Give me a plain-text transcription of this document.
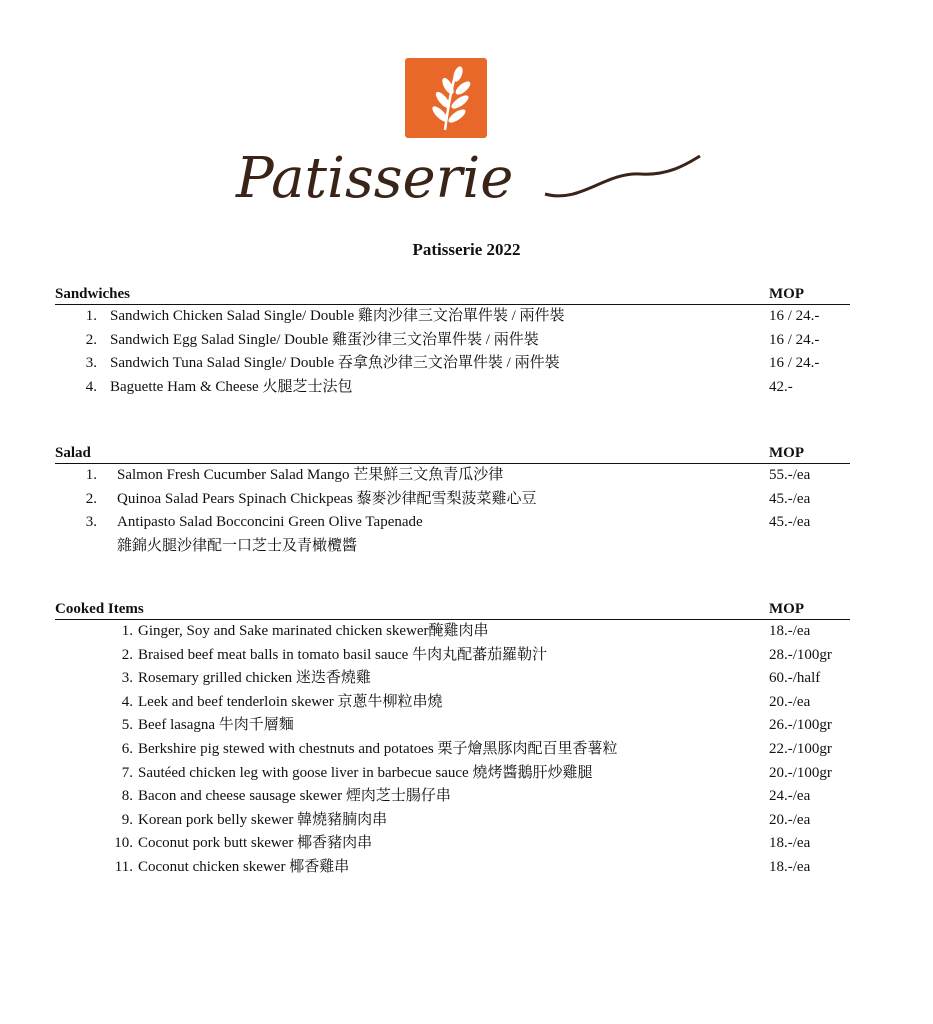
Patisserie
Patisserie 2022
Sandwiches	MOP
1. Sandwich Chicken Salad Single/ Double 雞肉沙律三文治單件裝 / 兩件裝	16 / 24.-
2. Sandwich Egg Salad Single/ Double 雞蛋沙律三文治單件裝 / 兩件裝	16 / 24.-
3. Sandwich Tuna Salad Single/ Double 吞拿魚沙律三文治單件裝 / 兩件裝	16 / 24.-
4. Baguette Ham & Cheese 火腿芝士法包	42.-
Salad	MOP
1. Salmon Fresh Cucumber Salad Mango 芒果鮮三文魚青瓜沙律	55.-/ea
2. Quinoa Salad Pears Spinach Chickpeas 藜麥沙律配雪梨菠菜雞心豆	45.-/ea
3. Antipasto Salad Bocconcini Green Olive Tapenade	45.-/ea
雜錦火腿沙律配一口芝士及青橄欖醬
Cooked Items	MOP
1. Ginger, Soy and Sake marinated chicken skewer醃雞肉串	18.-/ea
2. Braised beef meat balls in tomato basil sauce 牛肉丸配蕃茄羅勒汁	28.-/100gr
3. Rosemary grilled chicken 迷迭香燒雞	60.-/half
4. Leek and beef tenderloin skewer 京蔥牛柳粒串燒	20.-/ea
5. Beef lasagna 牛肉千層麵	26.-/100gr
6. Berkshire pig stewed with chestnuts and potatoes 栗子燴黑豚肉配百里香薯粒	22.-/100gr
7. Sautéed chicken leg with goose liver in barbecue sauce 燒烤醬鵝肝炒雞腿	20.-/100gr
8. Bacon and cheese sausage skewer 煙肉芝士腸仔串	24.-/ea
9. Korean pork belly skewer 韓燒豬腩肉串	20.-/ea
10. Coconut pork butt skewer 椰香豬肉串	18.-/ea
11. Coconut chicken skewer 椰香雞串	18.-/ea
